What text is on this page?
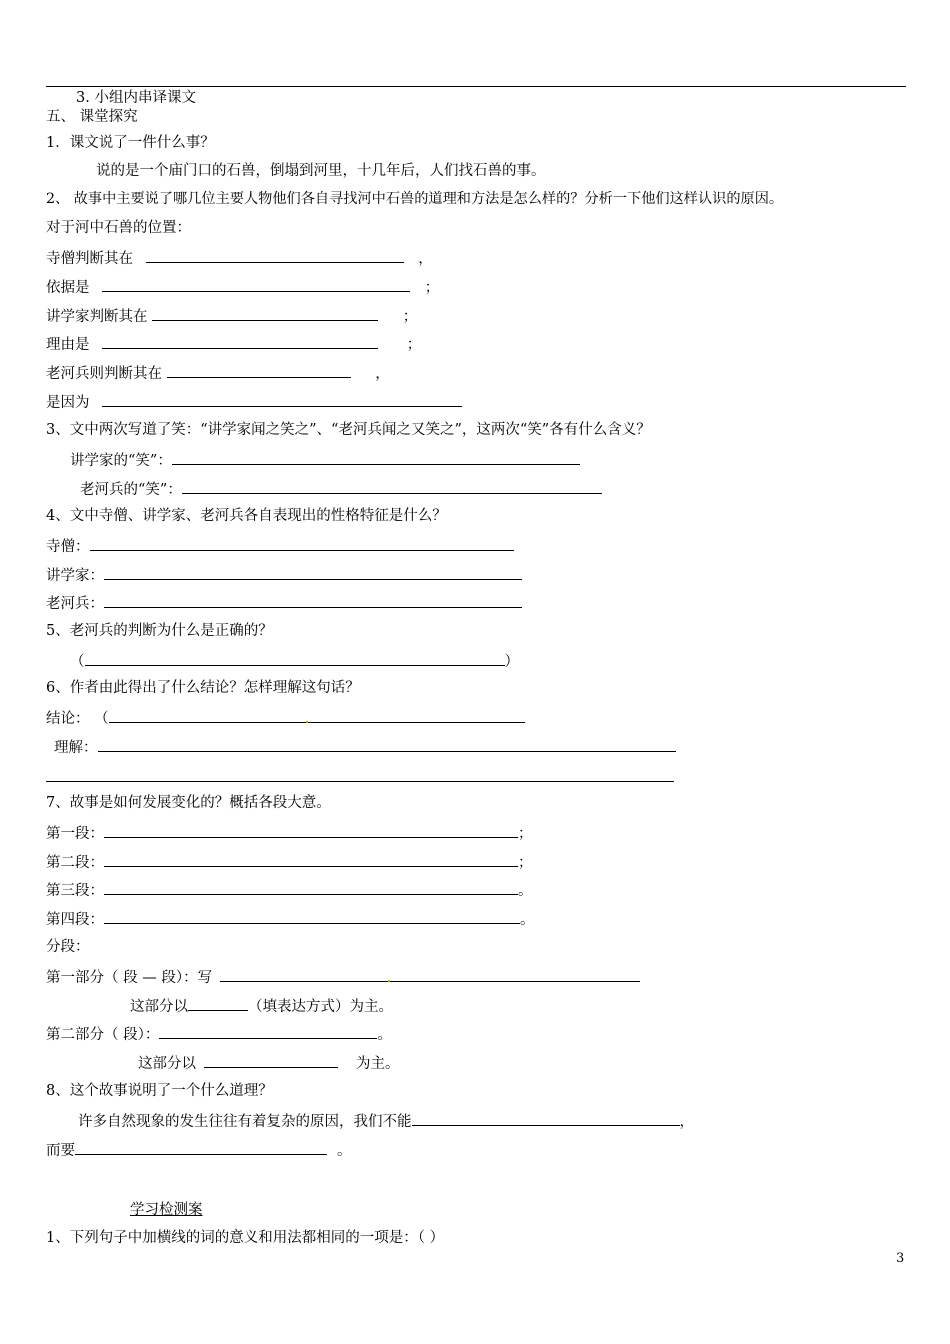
3. 小组内串译课文
五、 课堂探究
1．课文说了一件什么事？
说的是一个庙门口的石兽，倒塌到河里，十几年后，人们找石兽的事。
2、 故事中主要说了哪几位主要人物他们各自寻找河中石兽的道理和方法是怎么样的？分析一下他们这样认识的原因。
对于河中石兽的位置：
寺僧判断其在	，
依据是	；
讲学家判断其在	；
理由是	；
老河兵则判断其在	，
是因为
3、文中两次写道了笑：“讲学家闻之笑之”、“老河兵闻之又笑之”，这两次“笑”各有什么含义？
讲学家的“笑”：
老河兵的“笑”：
4、文中寺僧、讲学家、老河兵各自表现出的性格特征是什么？
寺僧：
讲学家：
老河兵：
5、老河兵的判断为什么是正确的？
（	）
6、作者由此得出了什么结论？怎样理解这句话？
结论： （
理解：
7、故事是如何发展变化的？概括各段大意。
第一段：	；
第二段：	；
第三段：	。
第四段：	。
分段：
第一部分（ 段 — 段）：写
这部分以	（填表达方式）为主。
第二部分（ 段）：	。
这部分以	为主。
8、这个故事说明了一个什么道理？
许多自然现象的发生往往有着复杂的原因，我们不能	，
而要	。
学习检测案
1、下列句子中加横线的词的意义和用法都相同的一项是：（ ）
3
